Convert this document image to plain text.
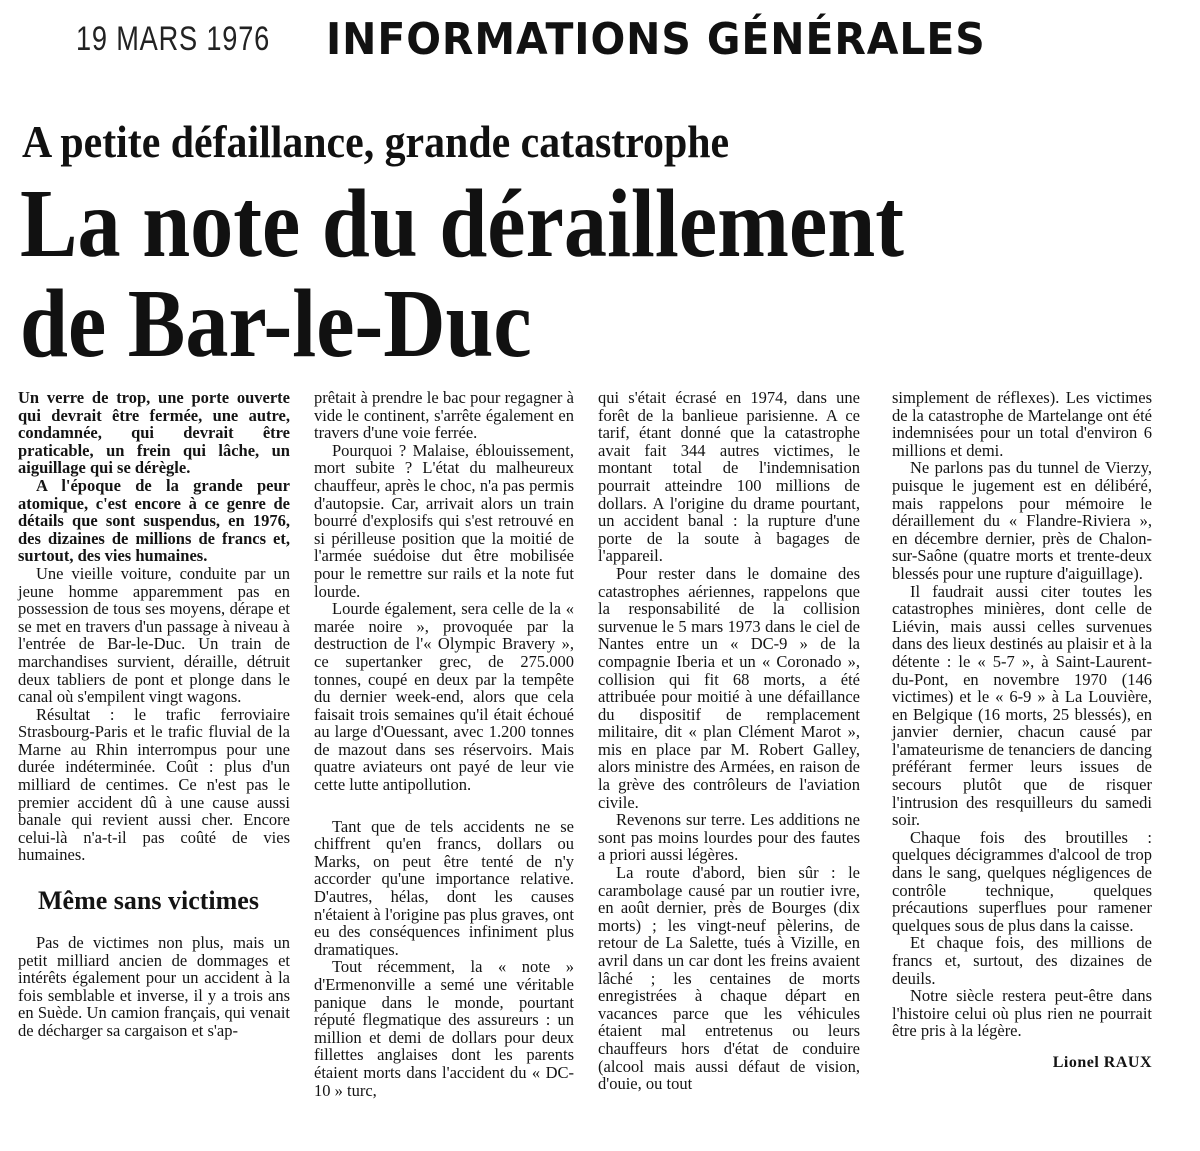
19 MARS 1976 INFORMATIONS GÉNÉRALES
A petite défaillance, grande catastrophe
La note du déraillement
de Bar-le-Duc

Un verre de trop, une porte ouverte qui devrait être fermée, une autre, condamnée, qui devrait être praticable, un frein qui lâche, un aiguillage qui se dérègle.

A l'époque de la grande peur atomique, c'est encore à ce genre de détails que sont suspendus, en 1976, des dizaines de millions de francs et, surtout, des vies humaines.

Une vieille voiture, conduite par un jeune homme apparemment pas en possession de tous ses moyens, dérape et se met en travers d'un passage à niveau à l'entrée de Bar-le-Duc. Un train de marchandises survient, déraille, détruit deux tabliers de pont et plonge dans le canal où s'empilent vingt wagons.

Résultat : le trafic ferroviaire Strasbourg-Paris et le trafic fluvial de la Marne au Rhin interrompus pour une durée indéterminée. Coût : plus d'un milliard de centimes. Ce n'est pas le premier accident dû à une cause aussi banale qui revient aussi cher. Encore celui-là n'a-t-il pas coûté de vies humaines.

Même sans victimes

Pas de victimes non plus, mais un petit milliard ancien de dommages et intérêts également pour un accident à la fois semblable et inverse, il y a trois ans en Suède. Un camion français, qui venait de décharger sa cargaison et s'ap-

prêtait à prendre le bac pour regagner à vide le continent, s'arrête également en travers d'une voie ferrée.

Pourquoi ? Malaise, éblouissement, mort subite ? L'état du malheureux chauffeur, après le choc, n'a pas permis d'autopsie. Car, arrivait alors un train bourré d'explosifs qui s'est retrouvé en si périlleuse position que la moitié de l'armée suédoise dut être mobilisée pour le remettre sur rails et la note fut lourde.

Lourde également, sera celle de la « marée noire », provoquée par la destruction de l'« Olympic Bravery », ce supertanker grec, de 275.000 tonnes, coupé en deux par la tempête du dernier week-end, alors que cela faisait trois semaines qu'il était échoué au large d'Ouessant, avec 1.200 tonnes de mazout dans ses réservoirs. Mais quatre aviateurs ont payé de leur vie cette lutte antipollution.

Tant que de tels accidents ne se chiffrent qu'en francs, dollars ou Marks, on peut être tenté de n'y accorder qu'une importance relative. D'autres, hélas, dont les causes n'étaient à l'origine pas plus graves, ont eu des conséquences infiniment plus dramatiques.

Tout récemment, la « note » d'Ermenonville a semé une véritable panique dans le monde, pourtant réputé flegmatique des assureurs : un million et demi de dollars pour deux fillettes anglaises dont les parents étaient morts dans l'accident du « DC-10 » turc,

qui s'était écrasé en 1974, dans une forêt de la banlieue parisienne. A ce tarif, étant donné que la catastrophe avait fait 344 autres victimes, le montant total de l'indemnisation pourrait atteindre 100 millions de dollars. A l'origine du drame pourtant, un accident banal : la rupture d'une porte de la soute à bagages de l'appareil.

Pour rester dans le domaine des catastrophes aériennes, rappelons que la responsabilité de la collision survenue le 5 mars 1973 dans le ciel de Nantes entre un « DC-9 » de la compagnie Iberia et un « Coronado », collision qui fit 68 morts, a été attribuée pour moitié à une défaillance du dispositif de remplacement militaire, dit « plan Clément Marot », mis en place par M. Robert Galley, alors ministre des Armées, en raison de la grève des contrôleurs de l'aviation civile.

Revenons sur terre. Les additions ne sont pas moins lourdes pour des fautes a priori aussi légères.

La route d'abord, bien sûr : le carambolage causé par un routier ivre, en août dernier, près de Bourges (dix morts) ; les vingt-neuf pèlerins, de retour de La Salette, tués à Vizille, en avril dans un car dont les freins avaient lâché ; les centaines de morts enregistrées à chaque départ en vacances parce que les véhicules étaient mal entretenus ou leurs chauffeurs hors d'état de conduire (alcool mais aussi défaut de vision, d'ouie, ou tout

simplement de réflexes). Les victimes de la catastrophe de Martelange ont été indemnisées pour un total d'environ 6 millions et demi.

Ne parlons pas du tunnel de Vierzy, puisque le jugement est en délibéré, mais rappelons pour mémoire le déraillement du « Flandre-Riviera », en décembre dernier, près de Chalon-sur-Saône (quatre morts et trente-deux blessés pour une rupture d'aiguillage).

Il faudrait aussi citer toutes les catastrophes minières, dont celle de Liévin, mais aussi celles survenues dans des lieux destinés au plaisir et à la détente : le « 5-7 », à Saint-Laurent-du-Pont, en novembre 1970 (146 victimes) et le « 6-9 » à La Louvière, en Belgique (16 morts, 25 blessés), en janvier dernier, chacun causé par l'amateurisme de tenanciers de dancing préférant fermer leurs issues de secours plutôt que de risquer l'intrusion des resquilleurs du samedi soir.

Chaque fois des broutilles : quelques décigrammes d'alcool de trop dans le sang, quelques négligences de contrôle technique, quelques précautions superflues pour ramener quelques sous de plus dans la caisse.

Et chaque fois, des millions de francs et, surtout, des dizaines de deuils.

Notre siècle restera peut-être dans l'histoire celui où plus rien ne pourrait être pris à la légère.

Lionel RAUX
